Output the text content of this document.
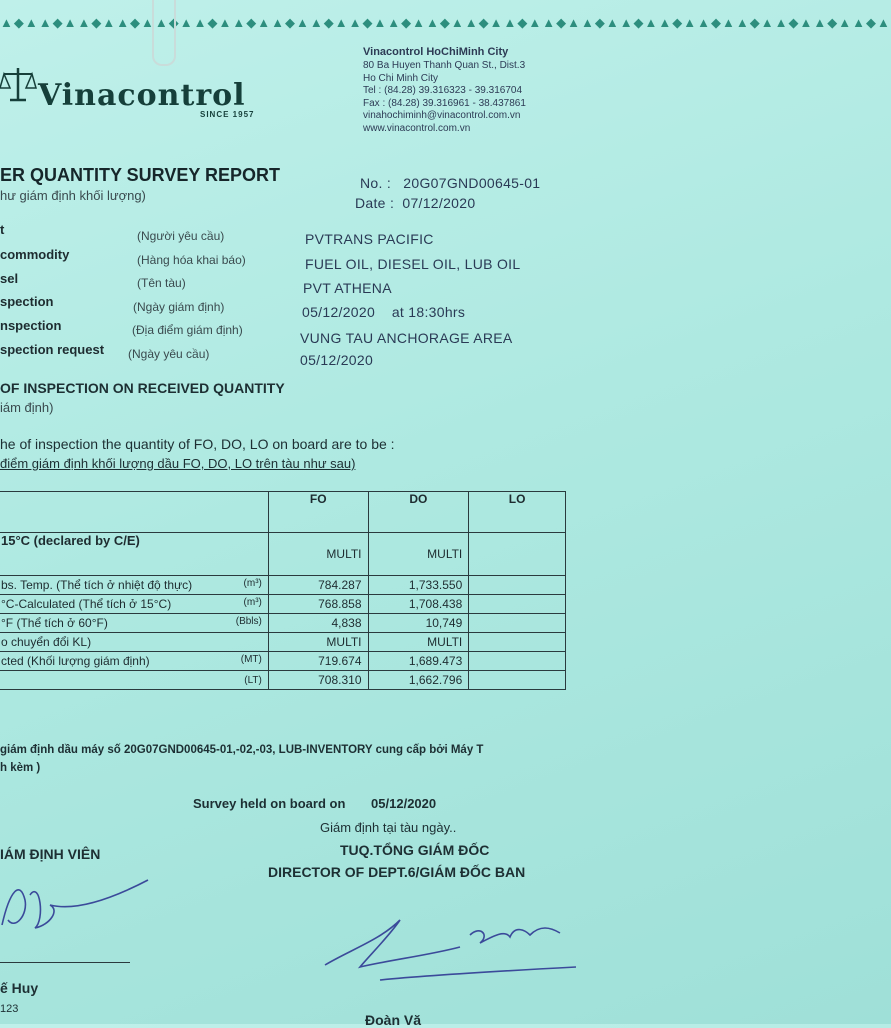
▲◆▲▲◆▲▲◆▲▲◆▲▲◆▲▲◆▲▲◆▲▲◆▲▲◆▲▲◆▲▲◆▲▲◆▲▲◆▲▲◆▲▲◆▲▲◆▲▲◆▲▲◆▲▲◆▲▲◆▲▲◆▲▲◆▲▲◆▲
Vinacontrol
SINCE 1957
Vinacontrol HoChiMinh City
80 Ba Huyen Thanh Quan St., Dist.3
Ho Chi Minh City
Tel : (84.28) 39.316323 - 39.316704
Fax : (84.28) 39.316961 - 38.437861
vinahochiminh@vinacontrol.com.vn
www.vinacontrol.com.vn
ER QUANTITY SURVEY REPORT
hư giám định khối lượng)
No. : 20G07GND00645-01
Date : 07/12/2020
t	(Người yêu cầu)	PVTRANS PACIFIC
commodity	(Hàng hóa khai báo)	FUEL OIL, DIESEL OIL, LUB OIL
sel	(Tên tàu)	PVT ATHENA
spection	(Ngày giám định)	05/12/2020    at 18:30hrs
nspection	(Địa điểm giám định)	VUNG TAU ANCHORAGE AREA
spection request (Ngày yêu cầu)	05/12/2020
OF INSPECTION ON RECEIVED QUANTITY
iám định)
he of inspection the quantity of FO, DO, LO on board are to be :
điểm giám định khối lượng dầu FO, DO, LO trên tàu như sau)
	FO	DO	LO
15°C (declared by C/E)	MULTI	MULTI	
bs. Temp. (Thể tích ở nhiệt độ thực) (m³)	784.287	1,733.550	
°C-Calculated (Thể tích ở 15°C) (m³)	768.858	1,708.438	
°F (Thể tích ở 60°F) (Bbls)	4,838	10,749	
o chuyển đổi KL)	MULTI	MULTI	
cted (Khối lượng giám định) (MT)	719.674	1,689.473	

(LT)	708.310	1,662.796	
giám định dầu máy số 20G07GND00645-01,-02,-03, LUB-INVENTORY cung cấp bởi Máy T
h kèm )
Survey held on board on 05/12/2020
Giám định tại tàu ngày..
TUQ.TỔNG GIÁM ĐỐC
DIRECTOR OF DEPT.6/GIÁM ĐỐC BAN
IÁM ĐỊNH VIÊN
ế Huy
123
Đoàn Vă
